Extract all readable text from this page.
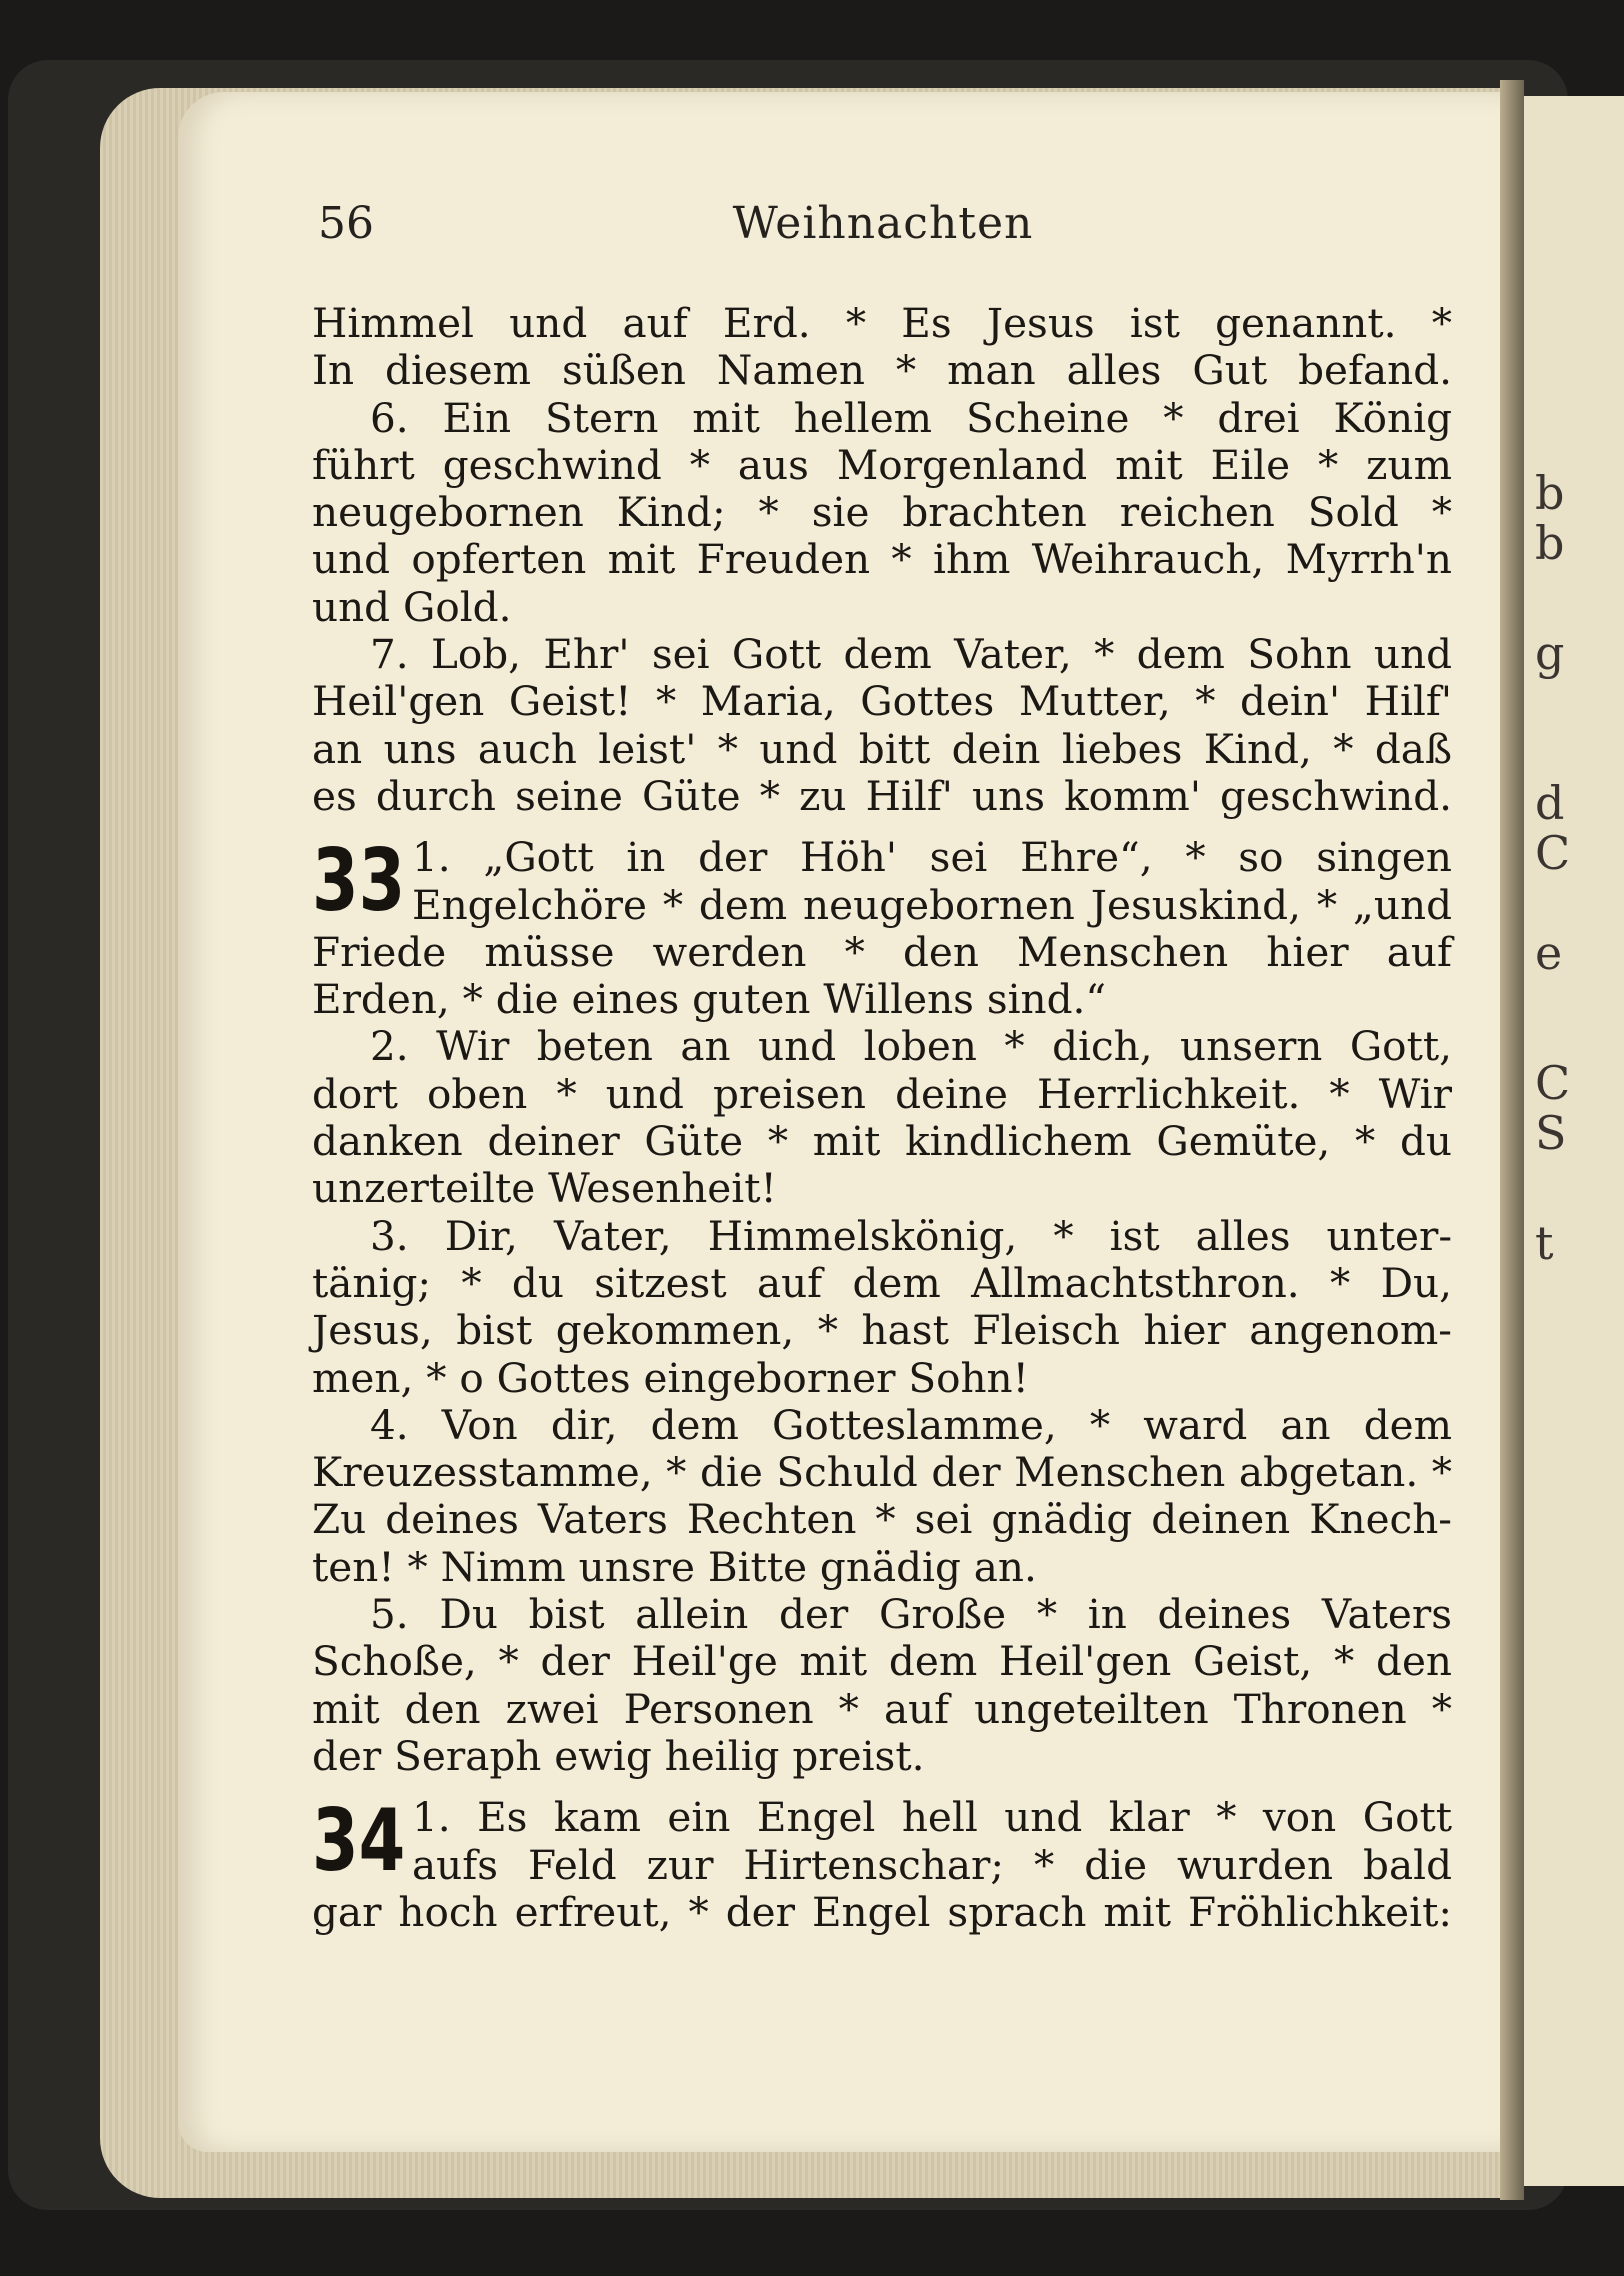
b
b
g
d
C
e
C
S
t
56	Weihnachten
Himmel und auf Erd. * Es Jesus ist genannt. *
In diesem süßen Namen * man alles Gut befand.
6. Ein Stern mit hellem Scheine * drei König
führt geschwind * aus Morgenland mit Eile * zum
neugebornen Kind; * sie brachten reichen Sold *
und opferten mit Freuden * ihm Weihrauch, Myrrh'n
und Gold.
7. Lob, Ehr' sei Gott dem Vater, * dem Sohn und
Heil'gen Geist! * Maria, Gottes Mutter, * dein' Hilf'
an uns auch leist' * und bitt dein liebes Kind, * daß
es durch seine Güte * zu Hilf' uns komm' geschwind.
33 1. „Gott in der Höh' sei Ehre“, * so singen
Engelchöre * dem neugebornen Jesuskind, * „und
Friede müsse werden * den Menschen hier auf
Erden, * die eines guten Willens sind.“
2. Wir beten an und loben * dich, unsern Gott,
dort oben * und preisen deine Herrlichkeit. * Wir
danken deiner Güte * mit kindlichem Gemüte, * du
unzerteilte Wesenheit!
3. Dir, Vater, Himmelskönig, * ist alles unter-
tänig; * du sitzest auf dem Allmachtsthron. * Du,
Jesus, bist gekommen, * hast Fleisch hier angenom-
men, * o Gottes eingeborner Sohn!
4. Von dir, dem Gotteslamme, * ward an dem
Kreuzesstamme, * die Schuld der Menschen abgetan. *
Zu deines Vaters Rechten * sei gnädig deinen Knech-
ten! * Nimm unsre Bitte gnädig an.
5. Du bist allein der Große * in deines Vaters
Schoße, * der Heil'ge mit dem Heil'gen Geist, * den
mit den zwei Personen * auf ungeteilten Thronen *
der Seraph ewig heilig preist.
34 1. Es kam ein Engel hell und klar * von Gott
aufs Feld zur Hirtenschar; * die wurden bald
gar hoch erfreut, * der Engel sprach mit Fröhlichkeit:
